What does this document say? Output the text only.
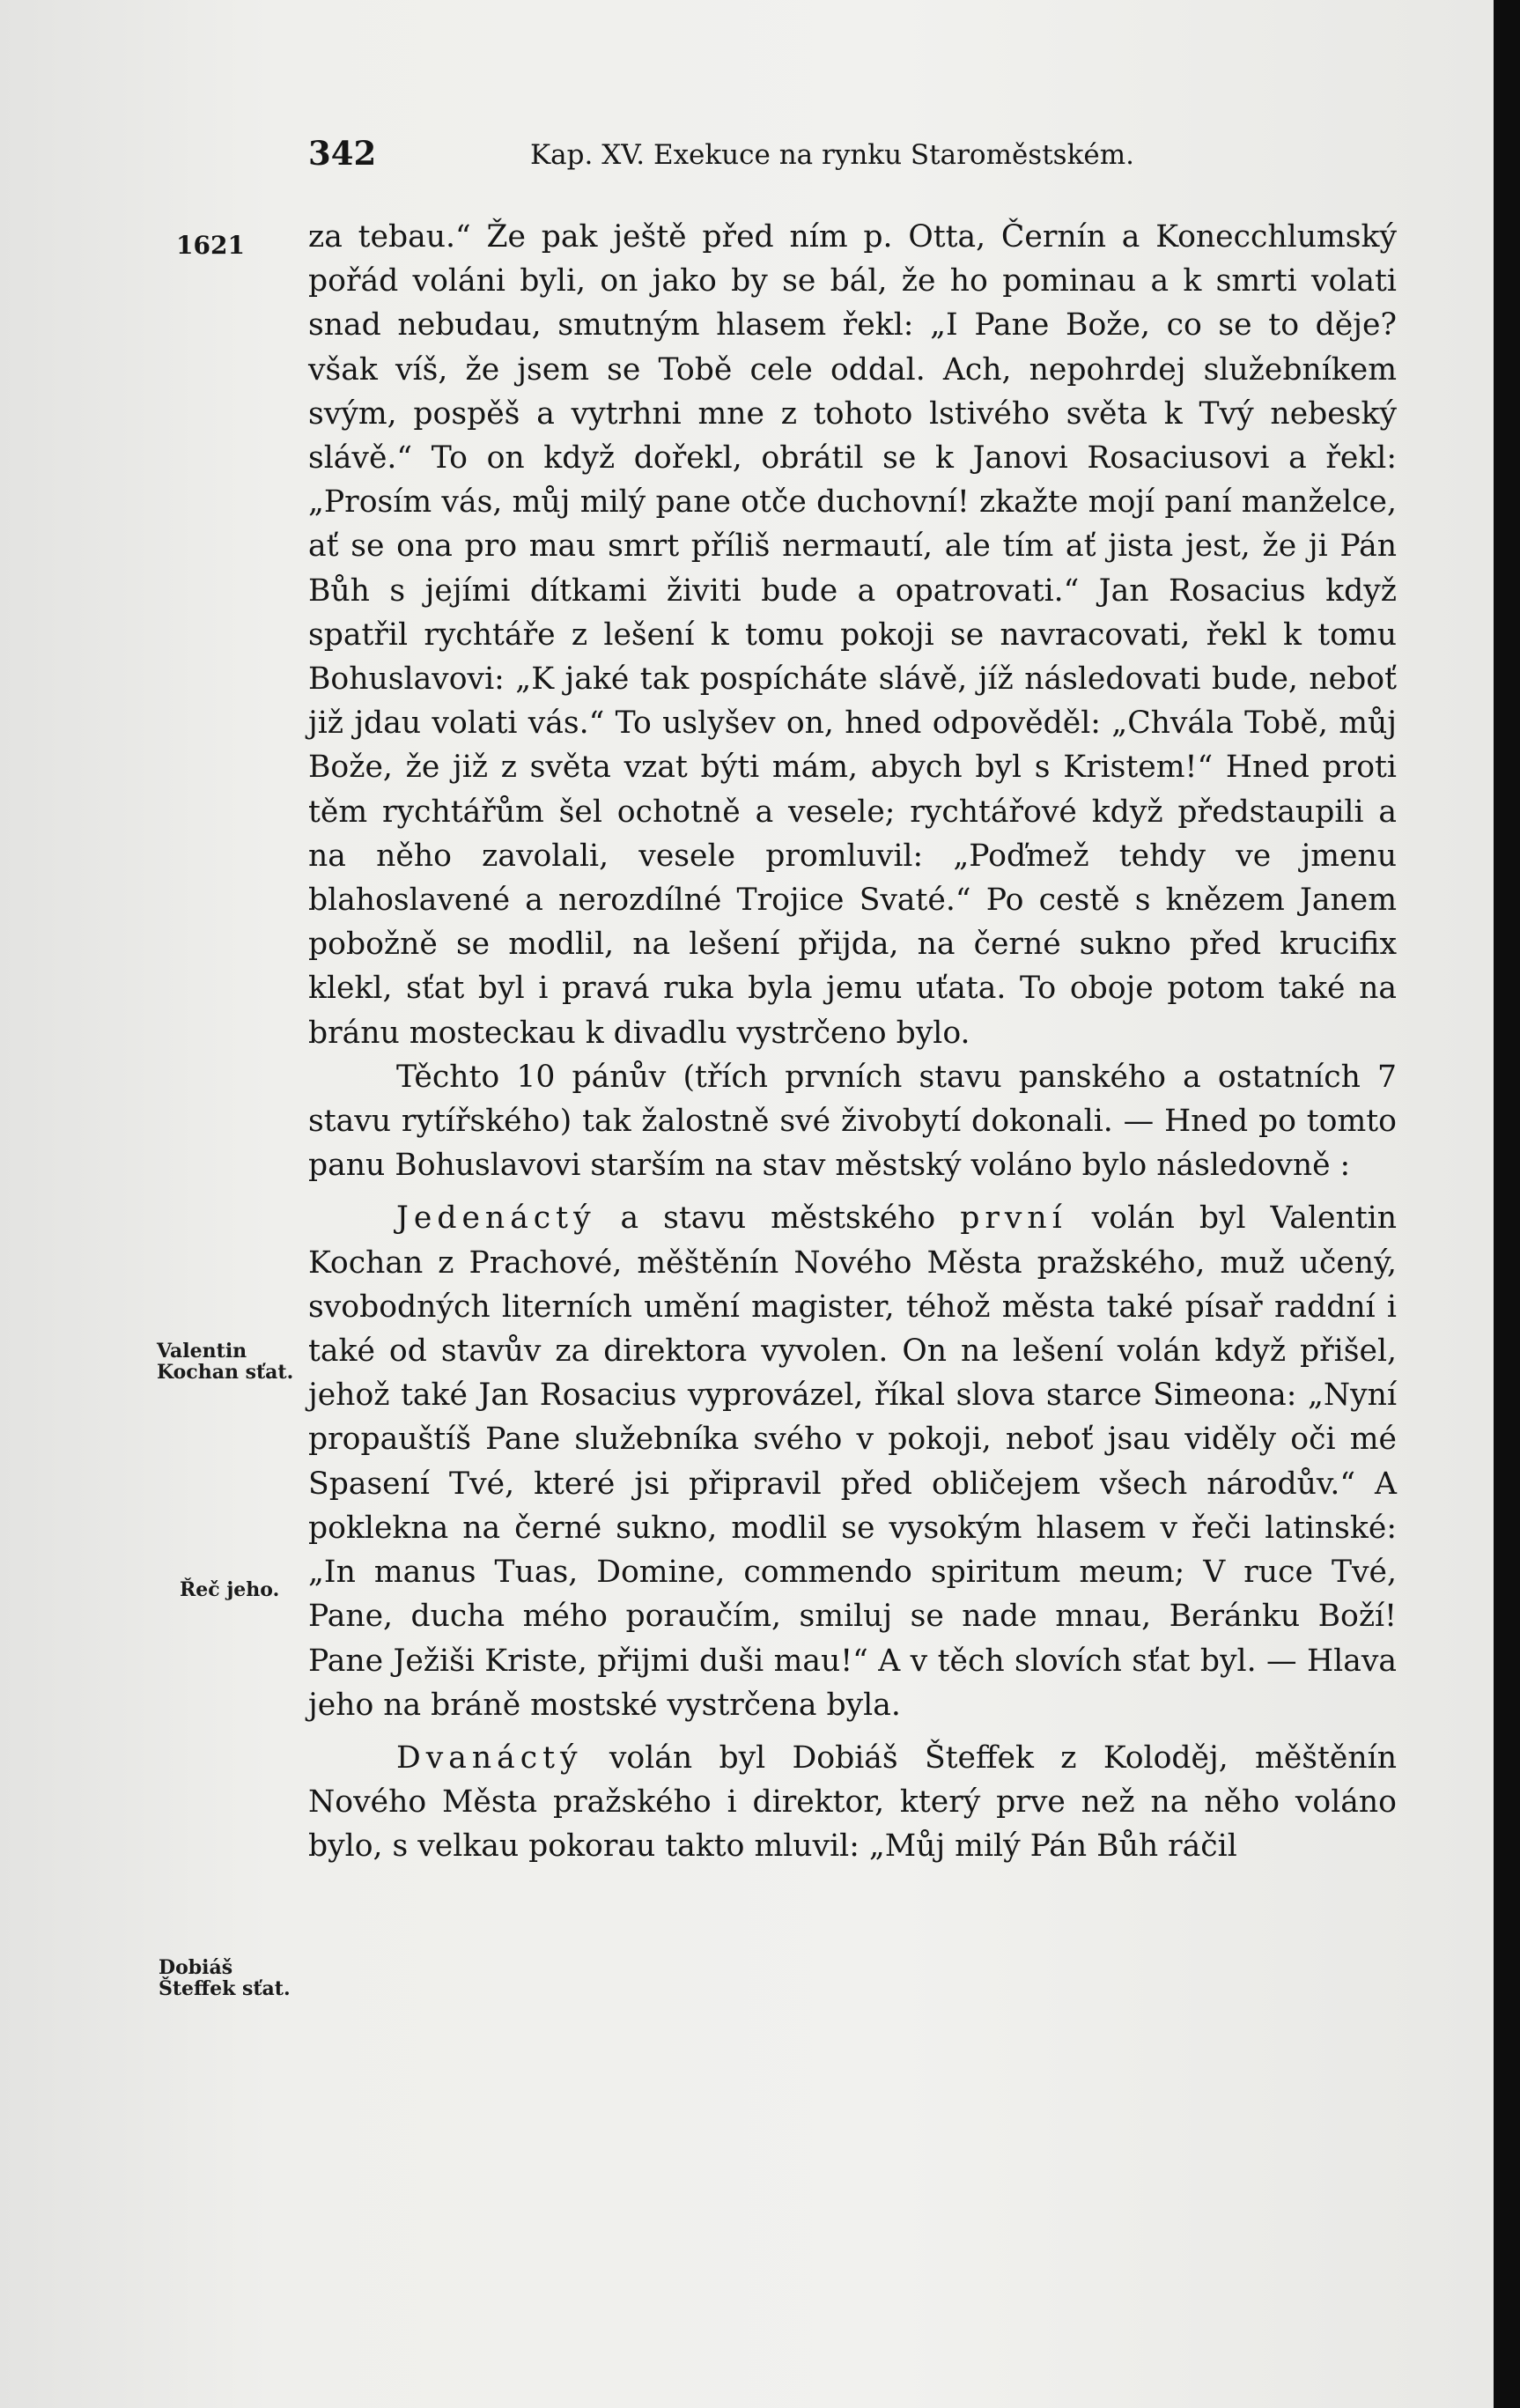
342	Kap. XV. Exekuce na rynku Staroměstském.
1621
Valentin Kochan sťat.
Řeč jeho.
Dobiáš Šteffek sťat.

za tebau.“ Že pak ještě před ním p. Otta, Černín a Konecchlumský pořád voláni byli, on jako by se bál, že ho pominau a k smrti volati snad nebudau, smutným hlasem řekl: „I Pane Bože, co se to děje? však víš, že jsem se Tobě cele oddal. Ach, nepohrdej služebníkem svým, pospěš a vytrhni mne z tohoto lstivého světa k Tvý nebeský slávě.“ To on když dořekl, obrátil se k Janovi Rosaciusovi a řekl: „Prosím vás, můj milý pane otče duchovní! zkažte mojí paní manželce, ať se ona pro mau smrt příliš nermautí, ale tím ať jista jest, že ji Pán Bůh s jejími dítkami živiti bude a opatrovati.“ Jan Rosacius když spatřil rychtáře z lešení k tomu pokoji se navracovati, řekl k tomu Bohuslavovi: „K jaké tak pospícháte slávě, jíž následovati bude, neboť již jdau volati vás.“ To uslyšev on, hned odpověděl: „Chvála Tobě, můj Bože, že již z světa vzat býti mám, abych byl s Kristem!“ Hned proti těm rychtářům šel ochotně a vesele; rychtářové když předstaupili a na něho zavolali, vesele promluvil: „Poďmež tehdy ve jmenu blahoslavené a nerozdílné Trojice Svaté.“ Po cestě s knězem Janem pobožně se modlil, na lešení přijda, na černé sukno před krucifix klekl, sťat byl i pravá ruka byla jemu uťata. To oboje potom také na bránu mosteckau k divadlu vystrčeno bylo.

Těchto 10 pánův (třích prvních stavu panského a ostatních 7 stavu rytířského) tak žalostně své živobytí dokonali. — Hned po tomto panu Bohuslavovi starším na stav městský voláno bylo následovně :

Jedenáctý a stavu městského první volán byl Valentin Kochan z Prachové, měštěnín Nového Města pražského, muž učený, svobodných literních umění magister, téhož města také písař raddní i také od stavův za direktora vyvolen. On na lešení volán když přišel, jehož také Jan Rosacius vyprovázel, říkal slova starce Simeona: „Nyní propauštíš Pane služebníka svého v pokoji, neboť jsau viděly oči mé Spasení Tvé, které jsi připravil před obličejem všech národův.“ A poklekna na černé sukno, modlil se vysokým hlasem v řeči latinské: „In manus Tuas, Domine, commendo spiritum meum; V ruce Tvé, Pane, ducha mého poraučím, smiluj se nade mnau, Beránku Boží! Pane Ježiši Kriste, přijmi duši mau!“ A v těch slovích sťat byl. — Hlava jeho na bráně mostské vystrčena byla.

Dvanáctý volán byl Dobiáš Šteffek z Koloděj, měštěnín Nového Města pražského i direktor, který prve než na něho voláno bylo, s velkau pokorau takto mluvil: „Můj milý Pán Bůh ráčil
